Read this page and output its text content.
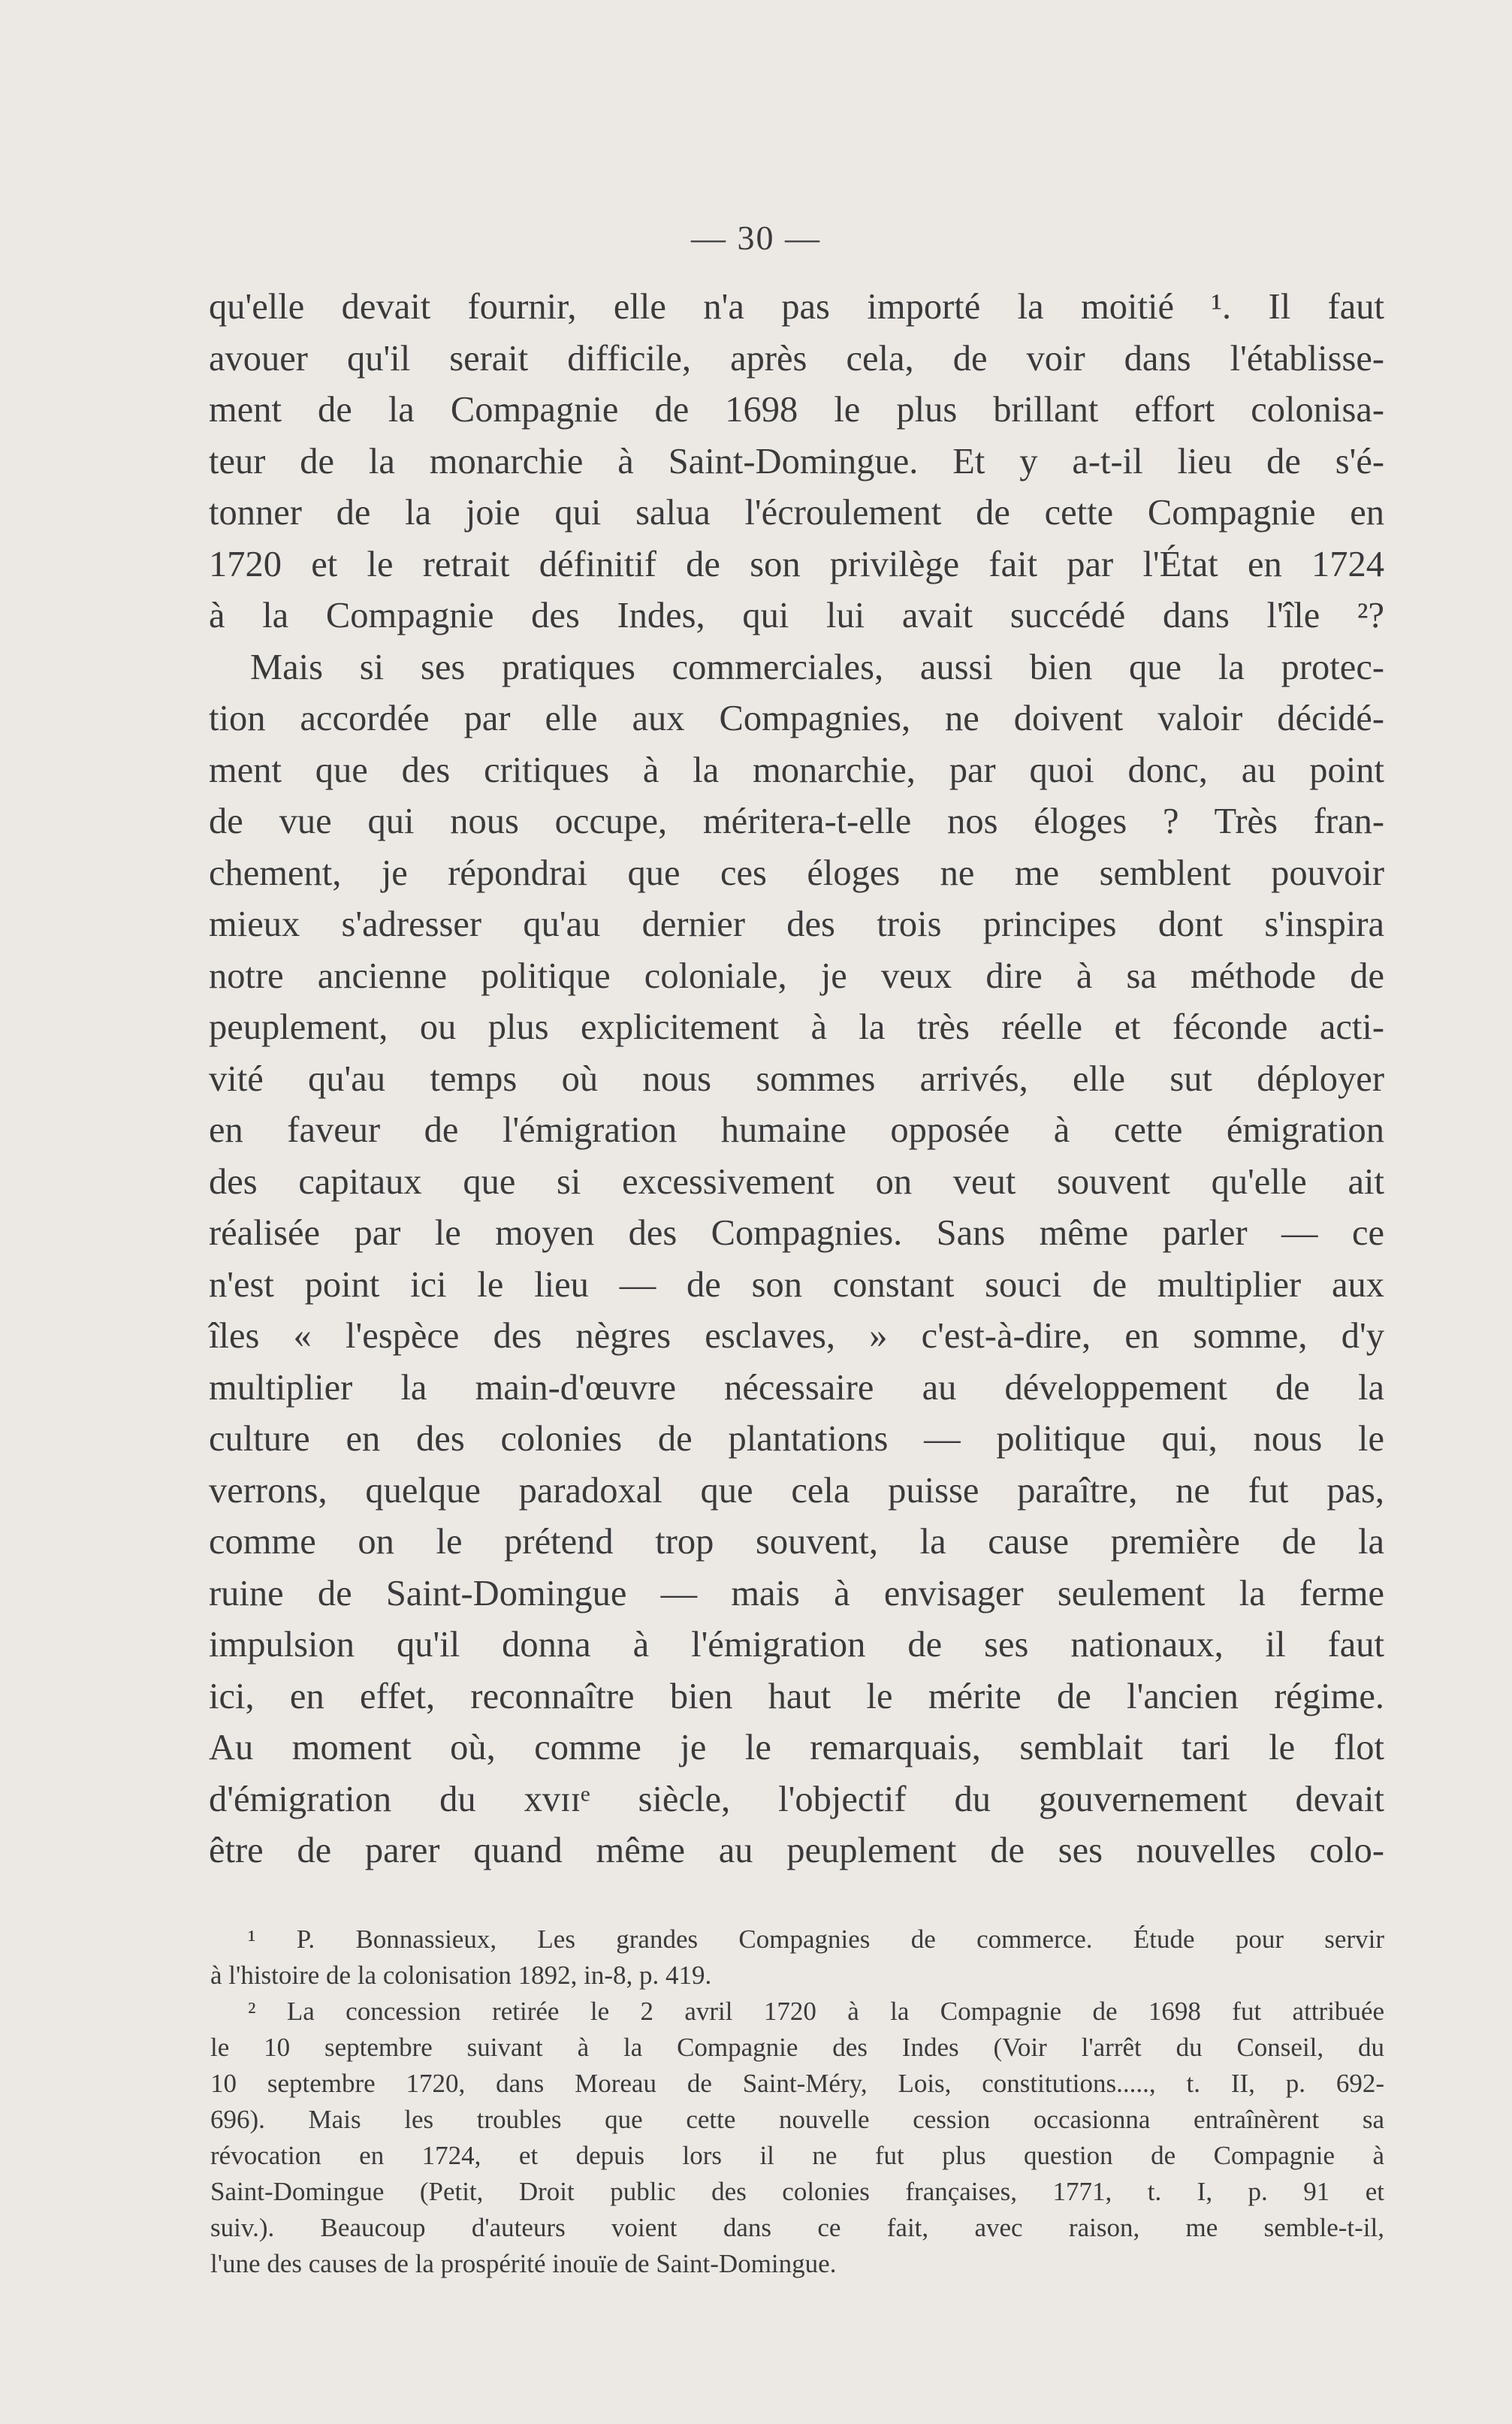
— 30 —
qu'elle devait fournir, elle n'a pas importé la moitié ¹. Il faut
avouer qu'il serait difficile, après cela, de voir dans l'établisse-
ment de la Compagnie de 1698 le plus brillant effort colonisa-
teur de la monarchie à Saint-Domingue. Et y a-t-il lieu de s'é-
tonner de la joie qui salua l'écroulement de cette Compagnie en
1720 et le retrait définitif de son privilège fait par l'État en 1724
à la Compagnie des Indes, qui lui avait succédé dans l'île ²?
Mais si ses pratiques commerciales, aussi bien que la protec-
tion accordée par elle aux Compagnies, ne doivent valoir décidé-
ment que des critiques à la monarchie, par quoi donc, au point
de vue qui nous occupe, méritera-t-elle nos éloges ? Très fran-
chement, je répondrai que ces éloges ne me semblent pouvoir
mieux s'adresser qu'au dernier des trois principes dont s'inspira
notre ancienne politique coloniale, je veux dire à sa méthode de
peuplement, ou plus explicitement à la très réelle et féconde acti-
vité qu'au temps où nous sommes arrivés, elle sut déployer
en faveur de l'émigration humaine opposée à cette émigration
des capitaux que si excessivement on veut souvent qu'elle ait
réalisée par le moyen des Compagnies. Sans même parler — ce
n'est point ici le lieu — de son constant souci de multiplier aux
îles « l'espèce des nègres esclaves, » c'est-à-dire, en somme, d'y
multiplier la main-d'œuvre nécessaire au développement de la
culture en des colonies de plantations — politique qui, nous le
verrons, quelque paradoxal que cela puisse paraître, ne fut pas,
comme on le prétend trop souvent, la cause première de la
ruine de Saint-Domingue — mais à envisager seulement la ferme
impulsion qu'il donna à l'émigration de ses nationaux, il faut
ici, en effet, reconnaître bien haut le mérite de l'ancien régime.
Au moment où, comme je le remarquais, semblait tari le flot
d'émigration du xvɪɪᵉ siècle, l'objectif du gouvernement devait
être de parer quand même au peuplement de ses nouvelles colo-
¹ P. Bonnassieux, Les grandes Compagnies de commerce. Étude pour servir
à l'histoire de la colonisation 1892, in-8, p. 419.
² La concession retirée le 2 avril 1720 à la Compagnie de 1698 fut attribuée
le 10 septembre suivant à la Compagnie des Indes (Voir l'arrêt du Conseil, du
10 septembre 1720, dans Moreau de Saint-Méry, Lois, constitutions....., t. II, p. 692-
696). Mais les troubles que cette nouvelle cession occasionna entraînèrent sa
révocation en 1724, et depuis lors il ne fut plus question de Compagnie à
Saint-Domingue (Petit, Droit public des colonies françaises, 1771, t. I, p. 91 et
suiv.). Beaucoup d'auteurs voient dans ce fait, avec raison, me semble-t-il,
l'une des causes de la prospérité inouïe de Saint-Domingue.
